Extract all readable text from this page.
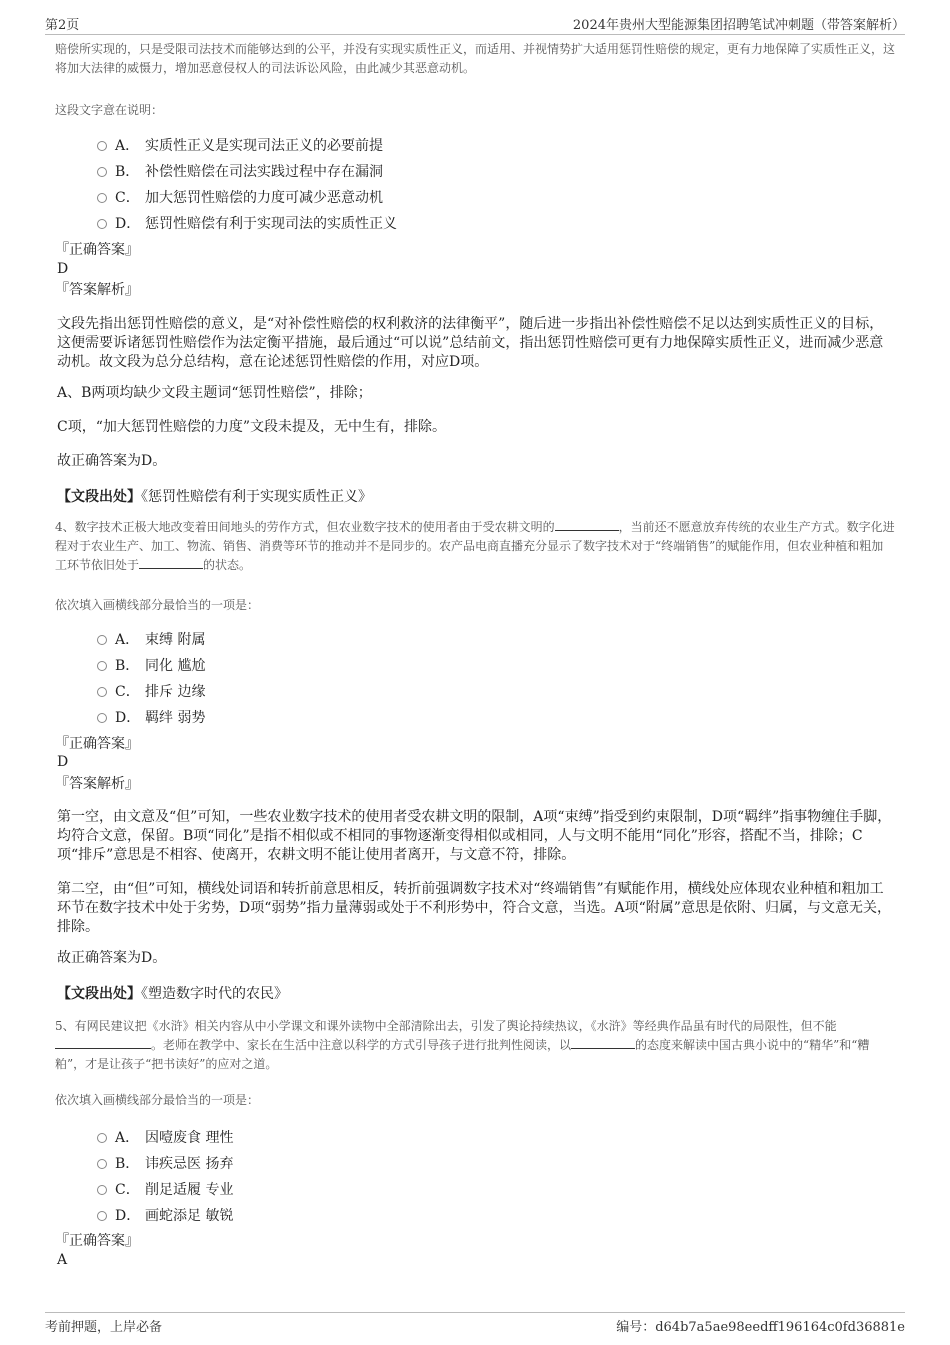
第2页	2024年贵州大型能源集团招聘笔试冲刺题（带答案解析）

赔偿所实现的，只是受限司法技术而能够达到的公平，并没有实现实质性正义，而适用、并视情势扩大适用惩罚性赔偿的规定，更有力地保障了实质性正义，这将加大法律的威慑力，增加恶意侵权人的司法诉讼风险，由此减少其恶意动机。

这段文字意在说明：

A． 实质性正义是实现司法正义的必要前提
B． 补偿性赔偿在司法实践过程中存在漏洞
C． 加大惩罚性赔偿的力度可减少恶意动机
D． 惩罚性赔偿有利于实现司法的实质性正义

『正确答案』

D

『答案解析』

文段先指出惩罚性赔偿的意义，是“对补偿性赔偿的权利救济的法律衡平”，随后进一步指出补偿性赔偿不足以达到实质性正义的目标，这便需要诉诸惩罚性赔偿作为法定衡平措施，最后通过“可以说”总结前文，指出惩罚性赔偿可更有力地保障实质性正义，进而减少恶意动机。故文段为总分总结构，意在论述惩罚性赔偿的作用，对应D项。

A、B两项均缺少文段主题词“惩罚性赔偿”，排除；

C项，“加大惩罚性赔偿的力度”文段未提及，无中生有，排除。

故正确答案为D。

【文段出处】《惩罚性赔偿有利于实现实质性正义》

4、数字技术正极大地改变着田间地头的劳作方式，但农业数字技术的使用者由于受农耕文明的	，当前还不愿意放弃传统的农业生产方式。数字化进程对于农业生产、加工、物流、销售、消费等环节的推动并不是同步的。农产品电商直播充分显示了数字技术对于“终端销售”的赋能作用，但农业种植和粗加工环节依旧处于	的状态。

依次填入画横线部分最恰当的一项是：

A． 束缚 附属
B． 同化 尴尬
C． 排斥 边缘
D． 羁绊 弱势

『正确答案』

D

『答案解析』

第一空，由文意及“但”可知，一些农业数字技术的使用者受农耕文明的限制，A项“束缚”指受到约束限制，D项“羁绊”指事物缠住手脚，均符合文意，保留。B项“同化”是指不相似或不相同的事物逐渐变得相似或相同，人与文明不能用“同化”形容，搭配不当，排除；C项“排斥”意思是不相容、使离开，农耕文明不能让使用者离开，与文意不符，排除。

第二空，由“但”可知，横线处词语和转折前意思相反，转折前强调数字技术对“终端销售”有赋能作用，横线处应体现农业种植和粗加工环节在数字技术中处于劣势，D项“弱势”指力量薄弱或处于不利形势中，符合文意，当选。A项“附属”意思是依附、归属，与文意无关，排除。

故正确答案为D。

【文段出处】《塑造数字时代的农民》

5、有网民建议把《水浒》相关内容从中小学课文和课外读物中全部清除出去，引发了舆论持续热议，《水浒》等经典作品虽有时代的局限性，但不能。老师在教学中、家长在生活中注意以科学的方式引导孩子进行批判性阅读，以	的态度来解读中国古典小说中的“精华”和“糟粕”，才是让孩子“把书读好”的应对之道。

依次填入画横线部分最恰当的一项是：

A． 因噎废食 理性
B． 讳疾忌医 扬弃
C． 削足适履 专业
D． 画蛇添足 敏锐

『正确答案』

A

考前押题，上岸必备	编号：d64b7a5ae98eedff196164c0fd36881e
